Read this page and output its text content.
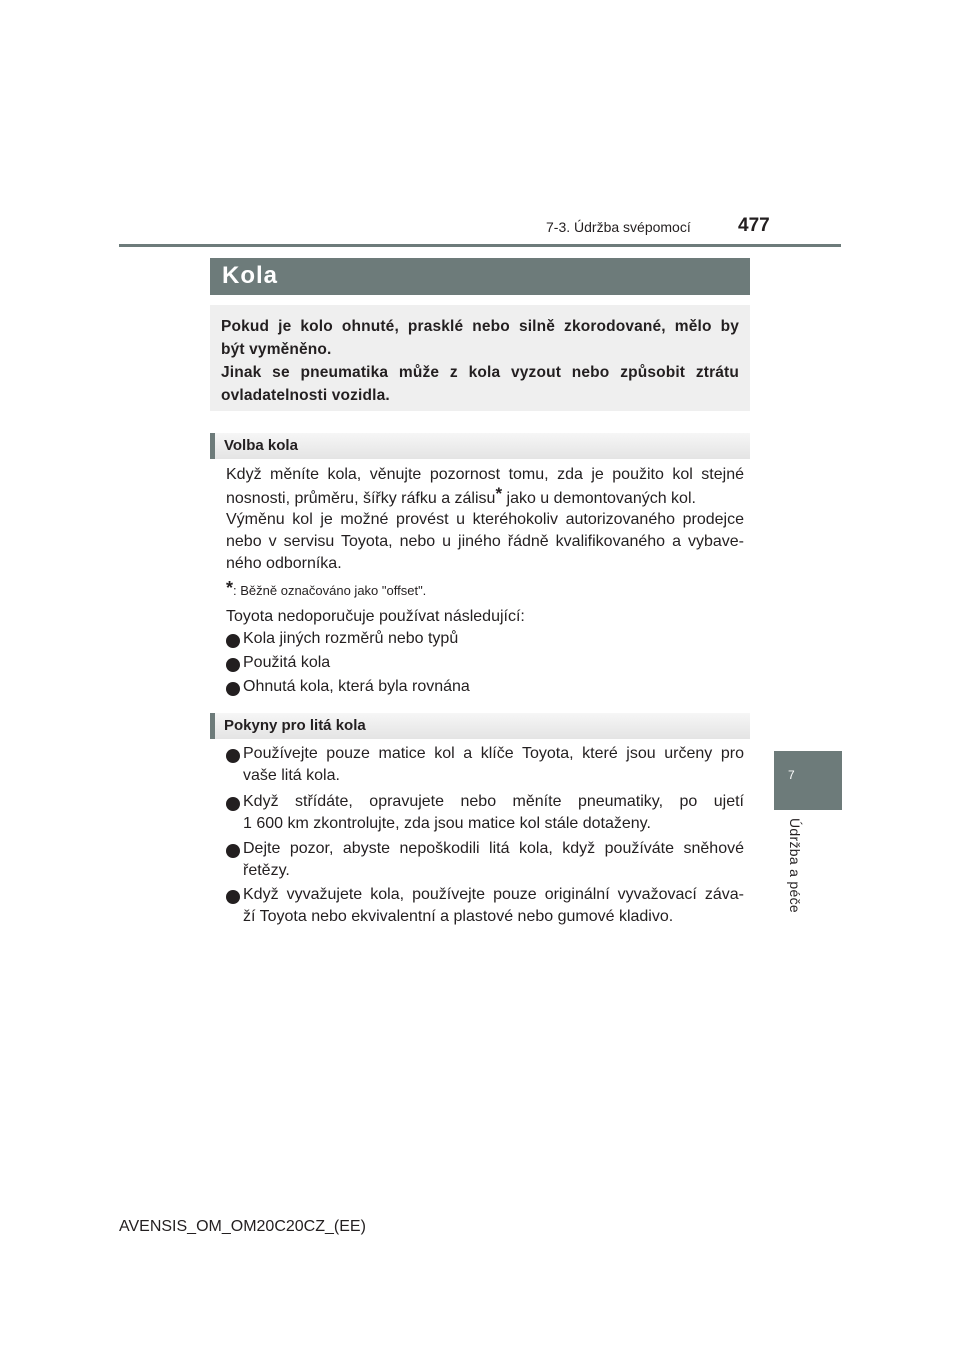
7-3. Údržba svépomocí 477
7
Údržba a péče
Kola
Pokud je kolo ohnuté, prasklé nebo silně zkorodované, mělo by
být vyměněno.
Jinak se pneumatika může z kola vyzout nebo způsobit ztrátu
ovladatelnosti vozidla.
Volba kola
Když měníte kola, věnujte pozornost tomu, zda je použito kol stejné
nosnosti, průměru, šířky ráfku a zálisu* jako u demontovaných kol.
Výměnu kol je možné provést u kteréhokoliv autorizovaného prodejce
nebo v servisu Toyota, nebo u jiného řádně kvalifikovaného a vybave-
ného odborníka.
*: Běžně označováno jako "offset".
Toyota nedoporučuje používat následující:
Kola jiných rozměrů nebo typů
Použitá kola
Ohnutá kola, která byla rovnána
Pokyny pro litá kola
Používejte pouze matice kol a klíče Toyota, které jsou určeny pro
vaše litá kola.
Když střídáte, opravujete nebo měníte pneumatiky, po ujetí
1 600 km zkontrolujte, zda jsou matice kol stále dotaženy.
Dejte pozor, abyste nepoškodili litá kola, když používáte sněhové
řetězy.
Když vyvažujete kola, používejte pouze originální vyvažovací záva-
ží Toyota nebo ekvivalentní a plastové nebo gumové kladivo.
AVENSIS_OM_OM20C20CZ_(EE)
